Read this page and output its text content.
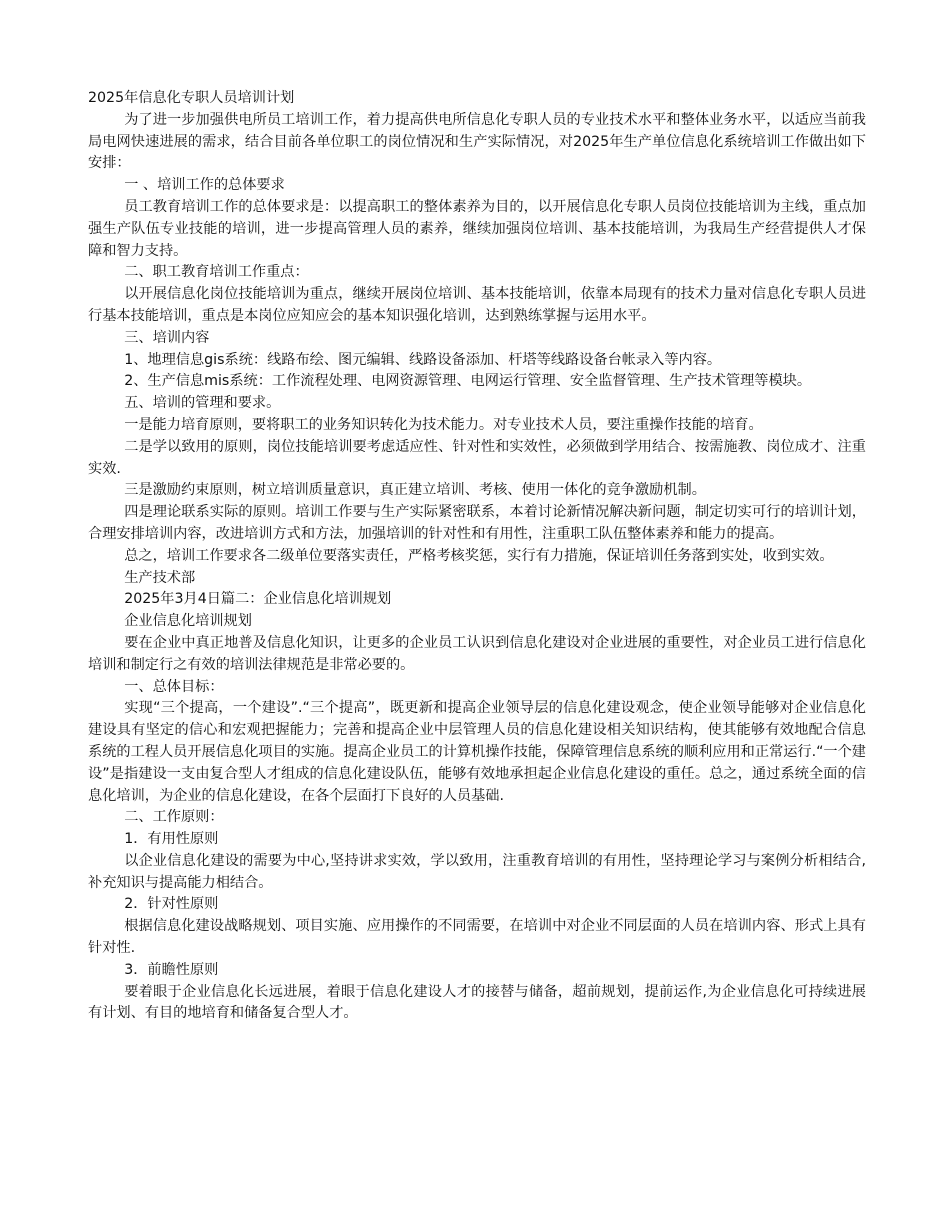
2025年信息化专职人员培训计划

为了进一步加强供电所员工培训工作，着力提高供电所信息化专职人员的专业技术水平和整体业务水平，以适应当前我局电网快速进展的需求，结合目前各单位职工的岗位情况和生产实际情况，对2025年生产单位信息化系统培训工作做出如下安排：

一 、培训工作的总体要求

员工教育培训工作的总体要求是：以提高职工的整体素养为目的，以开展信息化专职人员岗位技能培训为主线，重点加强生产队伍专业技能的培训，进一步提高管理人员的素养，继续加强岗位培训、基本技能培训，为我局生产经营提供人才保障和智力支持。

二、职工教育培训工作重点：

以开展信息化岗位技能培训为重点，继续开展岗位培训、基本技能培训，依靠本局现有的技术力量对信息化专职人员进行基本技能培训，重点是本岗位应知应会的基本知识强化培训，达到熟练掌握与运用水平。

三、培训内容

1、地理信息gis系统：线路布绘、图元编辑、线路设备添加、杆塔等线路设备台帐录入等内容。

2、生产信息mis系统：工作流程处理、电网资源管理、电网运行管理、安全监督管理、生产技术管理等模块。

五、培训的管理和要求。

一是能力培育原则，要将职工的业务知识转化为技术能力。对专业技术人员，要注重操作技能的培育。

二是学以致用的原则，岗位技能培训要考虑适应性、针对性和实效性，必须做到学用结合、按需施教、岗位成才、注重实效.

三是激励约束原则，树立培训质量意识，真正建立培训、考核、使用一体化的竞争激励机制。

四是理论联系实际的原则。培训工作要与生产实际紧密联系，本着讨论新情况解决新问题，制定切实可行的培训计划，合理安排培训内容，改进培训方式和方法，加强培训的针对性和有用性，注重职工队伍整体素养和能力的提高。

总之，培训工作要求各二级单位要落实责任，严格考核奖惩，实行有力措施，保证培训任务落到实处，收到实效。

生产技术部

2025年3月4日篇二：企业信息化培训规划

企业信息化培训规划

要在企业中真正地普及信息化知识，让更多的企业员工认识到信息化建设对企业进展的重要性，对企业员工进行信息化培训和制定行之有效的培训法律规范是非常必要的。

一、总体目标：

实现“三个提高，一个建设”.“三个提高”，既更新和提高企业领导层的信息化建设观念，使企业领导能够对企业信息化建设具有坚定的信心和宏观把握能力；完善和提高企业中层管理人员的信息化建设相关知识结构，使其能够有效地配合信息系统的工程人员开展信息化项目的实施。提高企业员工的计算机操作技能，保障管理信息系统的顺利应用和正常运行.“一个建设”是指建设一支由复合型人才组成的信息化建设队伍，能够有效地承担起企业信息化建设的重任。总之，通过系统全面的信息化培训，为企业的信息化建设，在各个层面打下良好的人员基础.

二、工作原则：

1．有用性原则

以企业信息化建设的需要为中心,坚持讲求实效，学以致用，注重教育培训的有用性，坚持理论学习与案例分析相结合,补充知识与提高能力相结合。

2．针对性原则

根据信息化建设战略规划、项目实施、应用操作的不同需要，在培训中对企业不同层面的人员在培训内容、形式上具有针对性.

3．前瞻性原则

要着眼于企业信息化长远进展，着眼于信息化建设人才的接替与储备，超前规划，提前运作,为企业信息化可持续进展有计划、有目的地培育和储备复合型人才。
